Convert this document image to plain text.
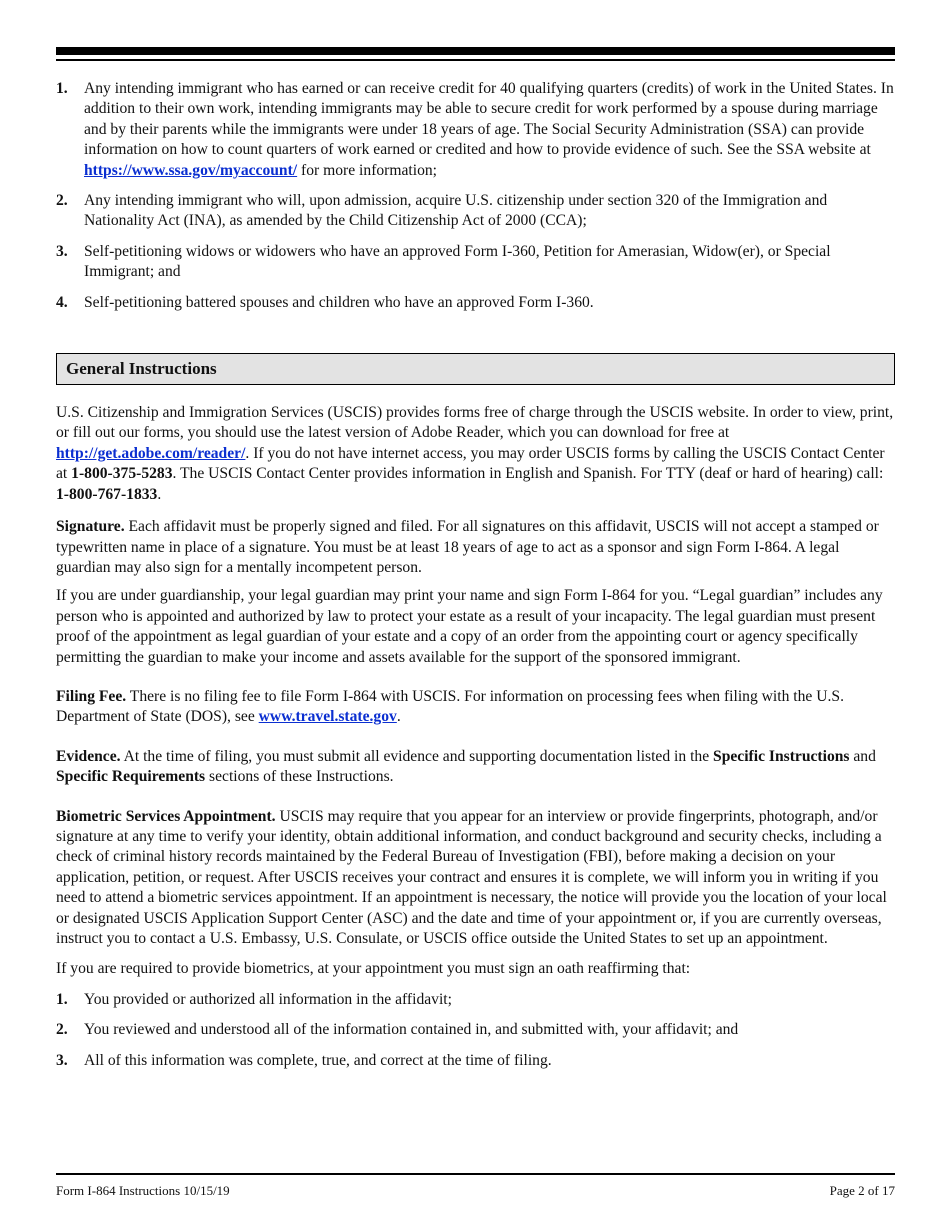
1. Any intending immigrant who has earned or can receive credit for 40 qualifying quarters (credits) of work in the United States. In addition to their own work, intending immigrants may be able to secure credit for work performed by a spouse during marriage and by their parents while the immigrants were under 18 years of age. The Social Security Administration (SSA) can provide information on how to count quarters of work earned or credited and how to provide evidence of such. See the SSA website at https://www.ssa.gov/myaccount/ for more information;

2. Any intending immigrant who will, upon admission, acquire U.S. citizenship under section 320 of the Immigration and Nationality Act (INA), as amended by the Child Citizenship Act of 2000 (CCA);

3. Self-petitioning widows or widowers who have an approved Form I-360, Petition for Amerasian, Widow(er), or Special Immigrant; and

4. Self-petitioning battered spouses and children who have an approved Form I-360.

General Instructions

U.S. Citizenship and Immigration Services (USCIS) provides forms free of charge through the USCIS website. In order to view, print, or fill out our forms, you should use the latest version of Adobe Reader, which you can download for free at http://get.adobe.com/reader/. If you do not have internet access, you may order USCIS forms by calling the USCIS Contact Center at 1-800-375-5283. The USCIS Contact Center provides information in English and Spanish. For TTY (deaf or hard of hearing) call: 1-800-767-1833.

Signature. Each affidavit must be properly signed and filed. For all signatures on this affidavit, USCIS will not accept a stamped or typewritten name in place of a signature. You must be at least 18 years of age to act as a sponsor and sign Form I-864. A legal guardian may also sign for a mentally incompetent person.

If you are under guardianship, your legal guardian may print your name and sign Form I-864 for you. “Legal guardian” includes any person who is appointed and authorized by law to protect your estate as a result of your incapacity. The legal guardian must present proof of the appointment as legal guardian of your estate and a copy of an order from the appointing court or agency specifically permitting the guardian to make your income and assets available for the support of the sponsored immigrant.

Filing Fee. There is no filing fee to file Form I-864 with USCIS. For information on processing fees when filing with the U.S. Department of State (DOS), see www.travel.state.gov.

Evidence. At the time of filing, you must submit all evidence and supporting documentation listed in the Specific Instructions and Specific Requirements sections of these Instructions.

Biometric Services Appointment. USCIS may require that you appear for an interview or provide fingerprints, photograph, and/or signature at any time to verify your identity, obtain additional information, and conduct background and security checks, including a check of criminal history records maintained by the Federal Bureau of Investigation (FBI), before making a decision on your application, petition, or request. After USCIS receives your contract and ensures it is complete, we will inform you in writing if you need to attend a biometric services appointment. If an appointment is necessary, the notice will provide you the location of your local or designated USCIS Application Support Center (ASC) and the date and time of your appointment or, if you are currently overseas, instruct you to contact a U.S. Embassy, U.S. Consulate, or USCIS office outside the United States to set up an appointment.

If you are required to provide biometrics, at your appointment you must sign an oath reaffirming that:

1. You provided or authorized all information in the affidavit;

2. You reviewed and understood all of the information contained in, and submitted with, your affidavit; and

3. All of this information was complete, true, and correct at the time of filing.

Form I-864 Instructions 10/15/19	Page 2 of 17
